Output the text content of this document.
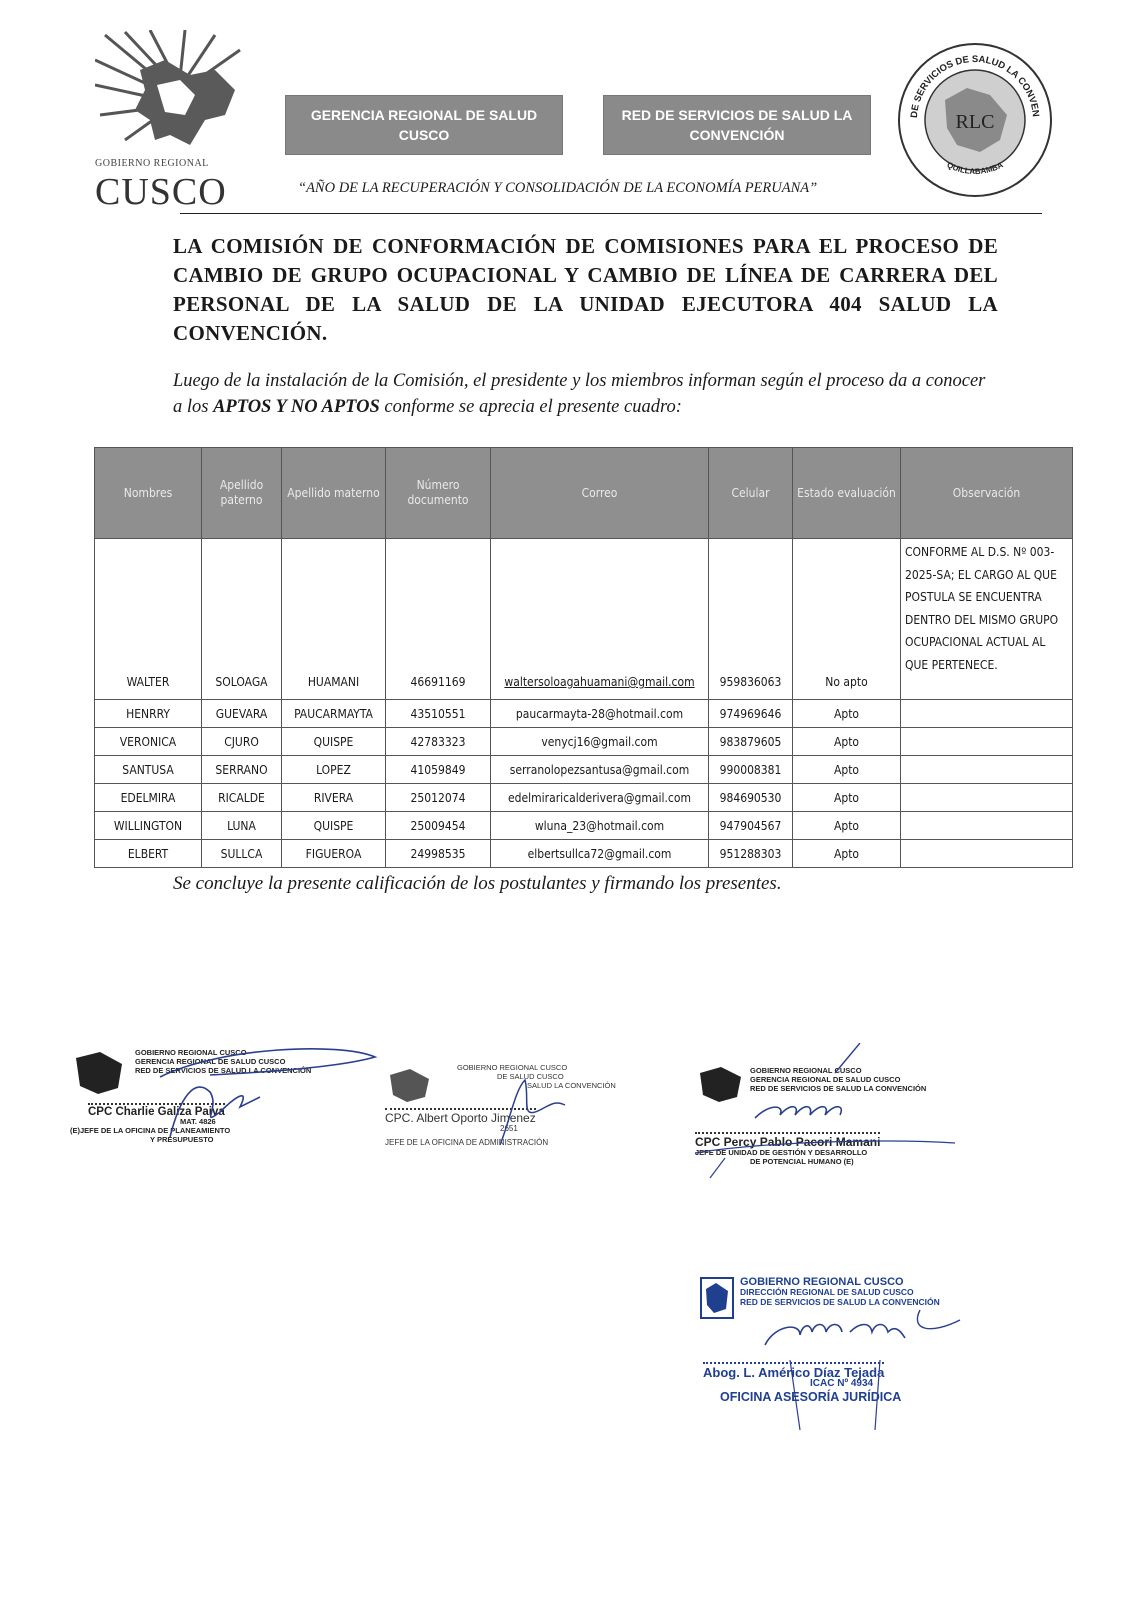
GOBIERNO REGIONAL
CUSCO
GERENCIA REGIONAL DE SALUD CUSCO
RED DE SERVICIOS DE SALUD LA CONVENCIÓN
“AÑO DE LA RECUPERACIÓN Y CONSOLIDACIÓN DE LA ECONOMÍA PERUANA”
DE SERVICIOS DE SALUD LA CONVEN
QUILLABAMBA
RLC
LA COMISIÓN DE CONFORMACIÓN DE COMISIONES PARA EL PROCESO DE CAMBIO DE GRUPO OCUPACIONAL Y CAMBIO DE LÍNEA DE CARRERA DEL PERSONAL DE LA SALUD DE LA UNIDAD EJECUTORA 404 SALUD LA CONVENCIÓN.
Luego de la instalación de la Comisión, el presidente y los miembros informan según el proceso da a conocer a los APTOS Y NO APTOS conforme se aprecia el presente cuadro:
Nombres	Apellido paterno	Apellido materno	Número documento	Correo	Celular	Estado evaluación	Observación
WALTER	SOLOAGA	HUAMANI	46691169	waltersoloagahuamani@gmail.com	959836063	No apto	CONFORME AL D.S. Nº 003-2025-SA; EL CARGO AL QUE POSTULA SE ENCUENTRA DENTRO DEL MISMO GRUPO OCUPACIONAL ACTUAL AL QUE PERTENECE.
HENRRY	GUEVARA	PAUCARMAYTA	43510551	paucarmayta-28@hotmail.com	974969646	Apto	
VERONICA	CJURO	QUISPE	42783323	venycj16@gmail.com	983879605	Apto	
SANTUSA	SERRANO	LOPEZ	41059849	serranolopezsantusa@gmail.com	990008381	Apto	
EDELMIRA	RICALDE	RIVERA	25012074	edelmiraricalderivera@gmail.com	984690530	Apto	
WILLINGTON	LUNA	QUISPE	25009454	wluna_23@hotmail.com	947904567	Apto	
ELBERT	SULLCA	FIGUEROA	24998535	elbertsullca72@gmail.com	951288303	Apto	
Se concluye la presente calificación de los postulantes y firmando los presentes.
GOBIERNO REGIONAL CUSCO
GERENCIA REGIONAL DE SALUD CUSCO
RED DE SERVICIOS DE SALUD LA CONVENCIÓN
CPC Charlie Galiza Paiva
MAT. 4826
(E)JEFE DE LA OFICINA DE PLANEAMIENTO
Y PRESUPUESTO
GOBIERNO REGIONAL CUSCO
DE SALUD CUSCO
SALUD LA CONVENCIÓN
CPC. Albert Oporto Jimenez
2651
JEFE DE LA OFICINA DE ADMINISTRACIÓN
GOBIERNO REGIONAL CUSCO
GERENCIA REGIONAL DE SALUD CUSCO
RED DE SERVICIOS DE SALUD LA CONVENCIÓN
CPC Percy Pablo Pacori Mamani
JEFE DE UNIDAD DE GESTIÓN Y DESARROLLO
DE POTENCIAL HUMANO (E)
GOBIERNO REGIONAL CUSCO
DIRECCIÓN REGIONAL DE SALUD CUSCO
RED DE SERVICIOS DE SALUD LA CONVENCIÓN
Abog. L. Américo Díaz Tejada
ICAC Nº 4934
OFICINA ASESORÍA JURÍDICA
